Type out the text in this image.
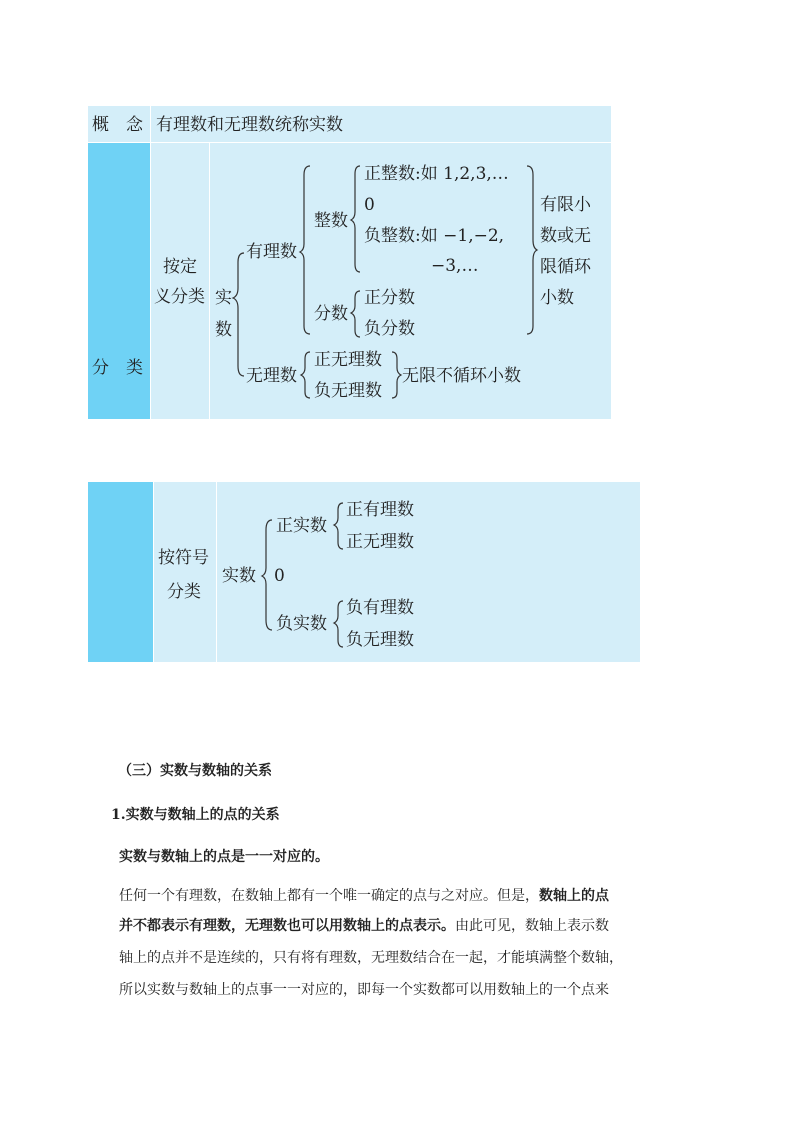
概　念 有理数和无理数统称实数
分　类
按定
义分类 实
数
有理数
整数
正整数:如 1,2,3,…
0
负整数:如 −1,−2,
−3,…
分数
正分数
负分数
有限小
数或无
限循环
小数
无理数
正无理数
负无理数
无限不循环小数
按符号
分类
实数
正实数
正有理数
正无理数
0
负实数
负有理数
负无理数
（三）实数与数轴的关系
1.实数与数轴上的点的关系
实数与数轴上的点是一一对应的。
任何一个有理数，在数轴上都有一个唯一确定的点与之对应。但是，数轴上的点
并不都表示有理数，无理数也可以用数轴上的点表示。由此可见，数轴上表示数
轴上的点并不是连续的，只有将有理数，无理数结合在一起，才能填满整个数轴，
所以实数与数轴上的点事一一对应的，即每一个实数都可以用数轴上的一个点来
